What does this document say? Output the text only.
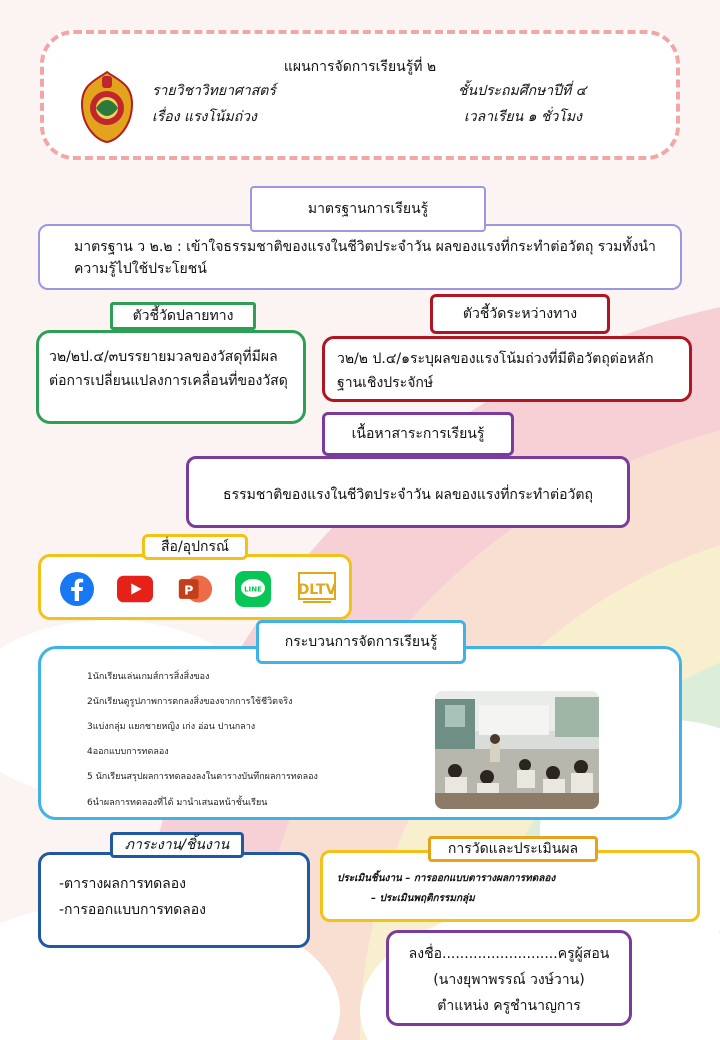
แผนการจัดการเรียนรู้ที่ ๒
รายวิชาวิทยาศาสตร์	ชั้นประถมศึกษาปีที่ ๔
เรื่อง แรงโน้มถ่วง	เวลาเรียน ๑ ชั่วโมง
มาตรฐาน ว ๒.๒ : เข้าใจธรรมชาติของแรงในชีวิตประจำวัน ผลของแรงที่กระทำต่อวัตถุ รวมทั้งนำความรู้ไปใช้ประโยชน์
มาตรฐานการเรียนรู้
ว๒/๒ป.๔/๓บรรยายมวลของวัสดุที่มีผลต่อการเปลี่ยนแปลงการเคลื่อนที่ของวัสดุ
ตัวชี้วัดปลายทาง
ว๒/๒ ป.๔/๑ระบุผลของแรงโน้มถ่วงที่มีติอวัตถุต่อหลักฐานเชิงประจักษ์
ตัวชี้วัดระหว่างทาง
ธรรมชาติของแรงในชีวิตประจำวัน ผลของแรงที่กระทำต่อวัตถุ
เนื้อหาสาระการเรียนรู้
P	LINE	DLTV
สื่อ/อุปกรณ์
1นักเรียนเล่นเกมส์การสิ่งสิ่งของ
2นักเรียนดูรูปภาพการตกลงสิ่งของจากการใช้ชีวิตจริง
3แบ่งกลุ่ม แยกชายหญิง เก่ง อ่อน ปานกลาง
4ออกแบบการทดลอง
5 นักเรียนสรุปผลการทดลองลงในตารางบันทึกผลการทดลอง
6นำผลการทดลองที่ได้ มานำเสนอหน้าชั้นเรียน
กระบวนการจัดการเรียนรู้
-ตารางผลการทดลอง
-การออกแบบการทดลอง
ภาระงาน/ชิ้นงาน
ประเมินชิ้นงาน – การออกแบบตารางผลการทดลอง
– ประเมินพฤติกรรมกลุ่ม
การวัดและประเมินผล
ลงชื่อ..........................ครูผู้สอน
(นางยุพาพรรณ์ วงษ์วาน)
ตำแหน่ง ครูชำนาญการ
